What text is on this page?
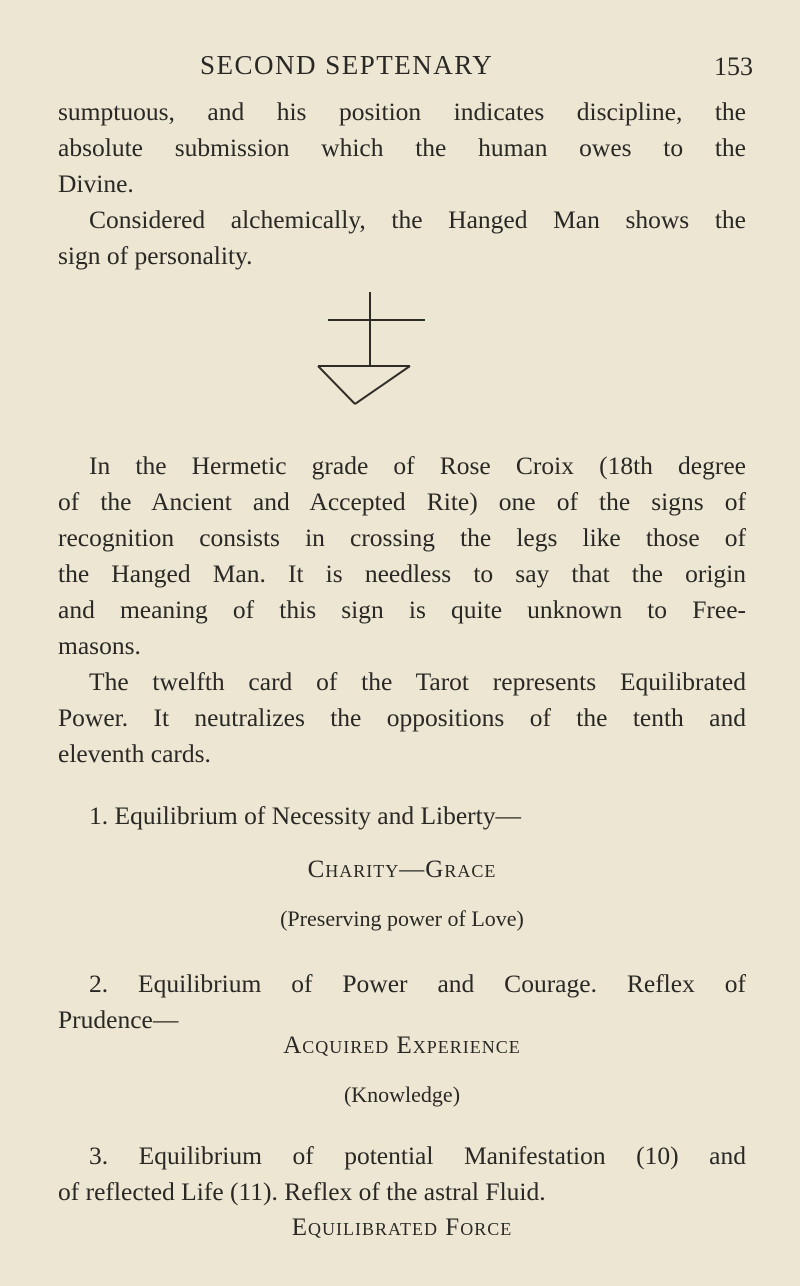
SECOND SEPTENARY	153
sumptuous, and his position indicates discipline, the
absolute submission which the human owes to the
Divine.
Considered alchemically, the Hanged Man shows the
sign of personality.
In the Hermetic grade of Rose Croix (18th degree
of the Ancient and Accepted Rite) one of the signs of
recognition consists in crossing the legs like those of
the Hanged Man. It is needless to say that the origin
and meaning of this sign is quite unknown to Free-
masons.
The twelfth card of the Tarot represents Equilibrated
Power. It neutralizes the oppositions of the tenth and
eleventh cards.
1. Equilibrium of Necessity and Liberty—
Charity—Grace
(Preserving power of Love)
2. Equilibrium of Power and Courage. Reflex of
Prudence—
Acquired Experience
(Knowledge)
3. Equilibrium of potential Manifestation (10) and
of reflected Life (11). Reflex of the astral Fluid.
Equilibrated Force
